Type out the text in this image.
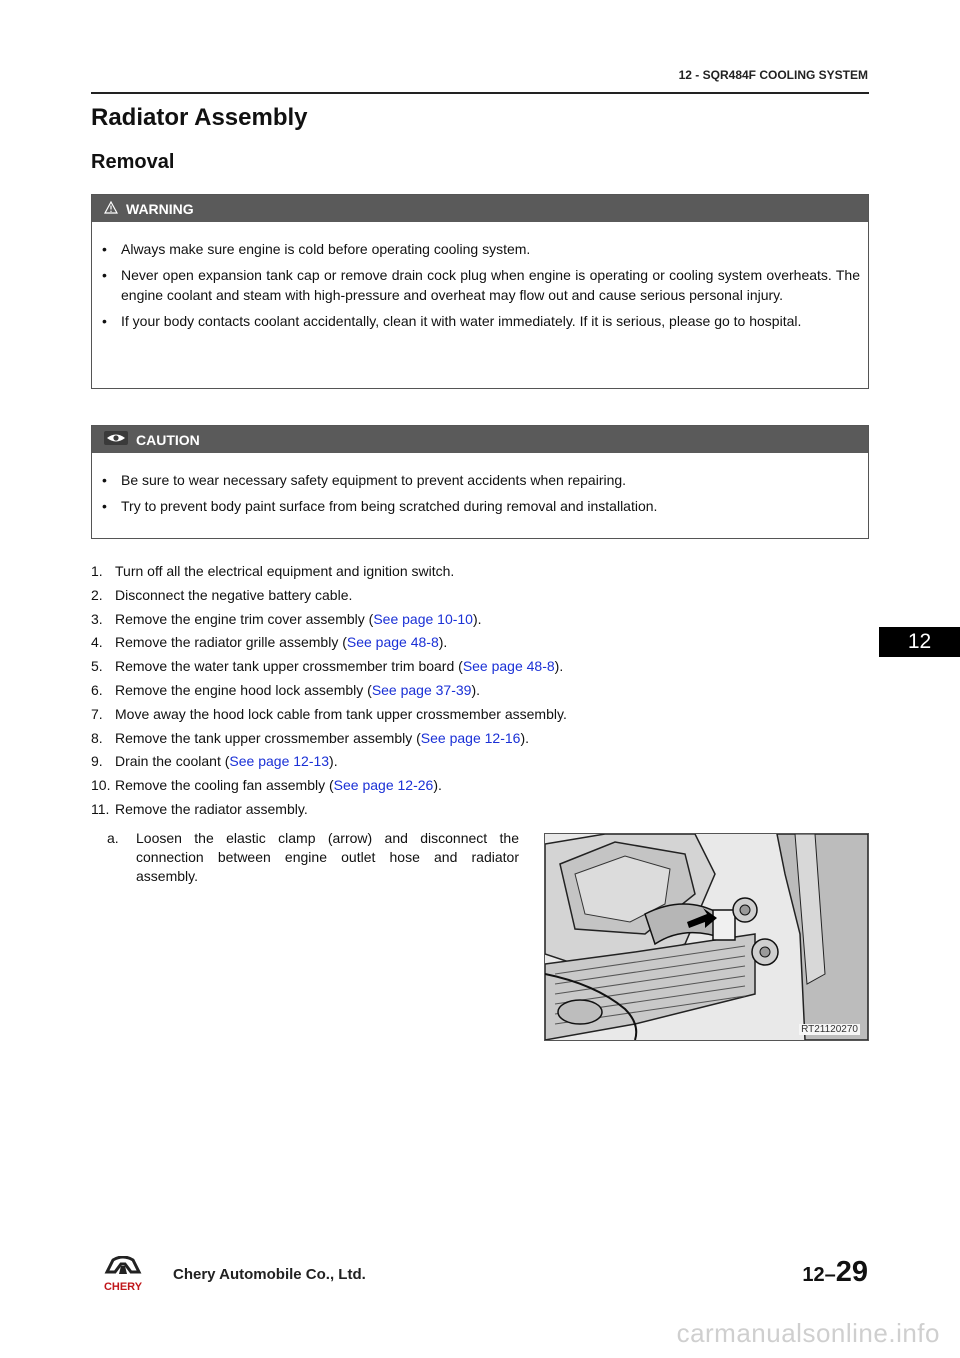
12 - SQR484F COOLING SYSTEM
Radiator Assembly
Removal
WARNING
• Always make sure engine is cold before operating cooling system.
• Never open expansion tank cap or remove drain cock plug when engine is operating or cooling system overheats. The engine coolant and steam with high-pressure and overheat may flow out and cause serious personal injury.
• If your body contacts coolant accidentally, clean it with water immediately. If it is serious, please go to hospital.
CAUTION
• Be sure to wear necessary safety equipment to prevent accidents when repairing.
• Try to prevent body paint surface from being scratched during removal and installation.
1. Turn off all the electrical equipment and ignition switch.
2. Disconnect the negative battery cable.
3. Remove the engine trim cover assembly (See page 10-10).
4. Remove the radiator grille assembly (See page 48-8).
5. Remove the water tank upper crossmember trim board (See page 48-8).
6. Remove the engine hood lock assembly (See page 37-39).
7. Move away the hood lock cable from tank upper crossmember assembly.
8. Remove the tank upper crossmember assembly (See page 12-16).
9. Drain the coolant (See page 12-13).
10. Remove the cooling fan assembly (See page 12-26).
11. Remove the radiator assembly.
a. Loosen the elastic clamp (arrow) and disconnect the connection between engine outlet hose and radiator assembly.
RT21120270
12
CHERY
Chery Automobile Co., Ltd.	12–29
carmanualsonline.info
